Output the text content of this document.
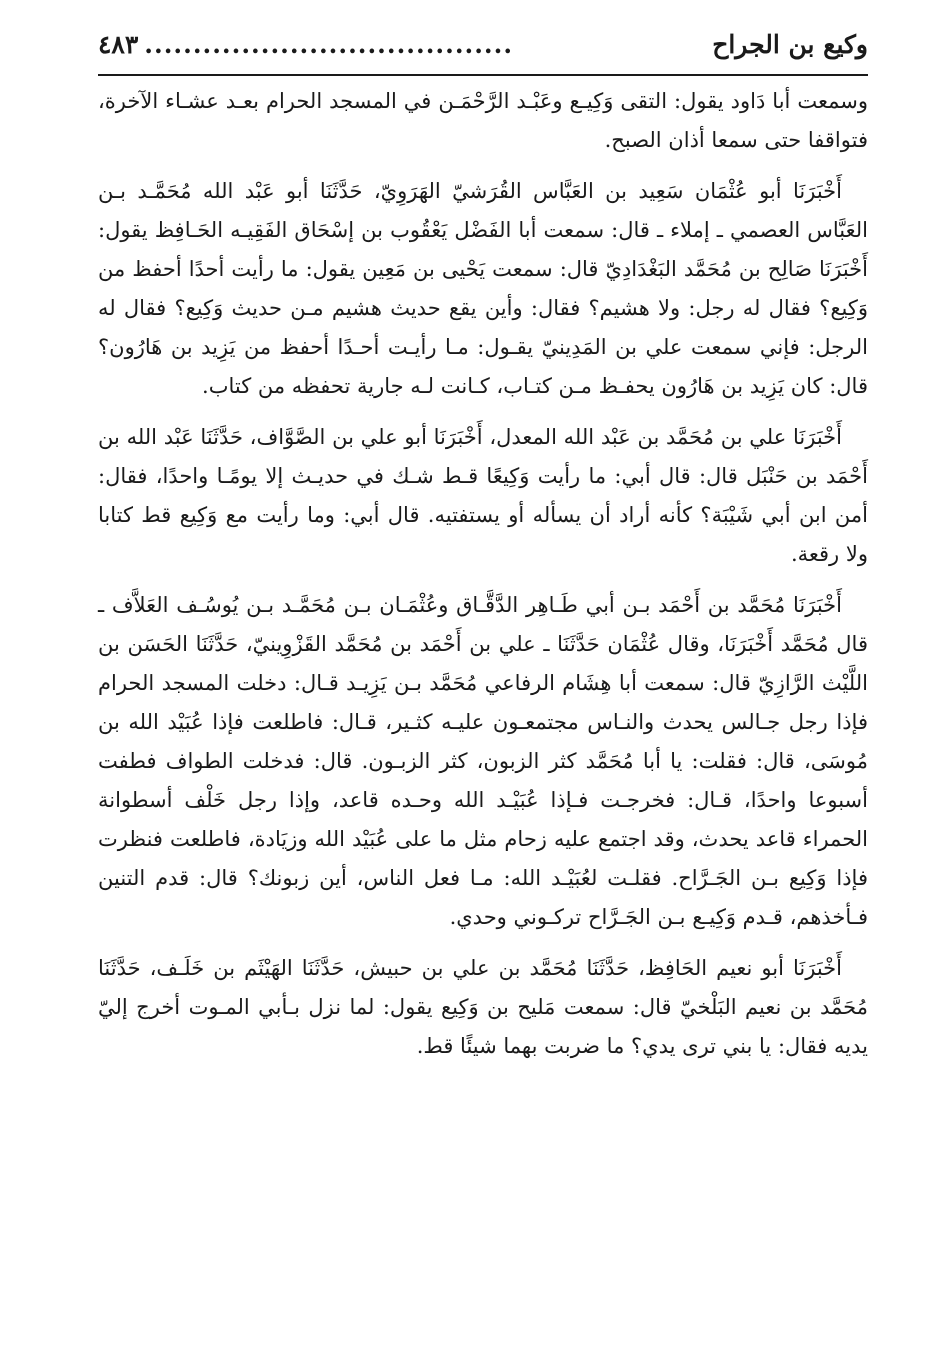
وكيع بن الجراح
......................................
٤٨٣

وسمعت أبا دَاود يقول: التقى وَكِيـع وعَبْـد الرَّحْمَـن في المسجد الحرام بعـد عشـاء الآخرة، فتواقفا حتى سمعا أذان الصبح.

أَخْبَرَنَا أبو عُثْمَان سَعِيد بن العَبَّاس القُرَشيّ الهَرَوِيّ، حَدَّثَنَا أبو عَبْد الله مُحَمَّـد بـن العَبَّاس العصمي ـ إملاء ـ قال: سمعت أبا الفَضْل يَعْقُوب بن إسْحَاق الفَقِيـه الحَـافِظ يقول: أَخْبَرَنَا صَالِح بن مُحَمَّد البَغْدَادِيّ قال: سمعت يَحْيى بن مَعِين يقول: ما رأيت أحدًا أحفظ من وَكِيع؟ فقال له رجل: ولا هشيم؟ فقال: وأين يقع حديث هشيم مـن حديث وَكِيع؟ فقال له الرجل: فإني سمعت علي بن المَدِينيّ يقـول: مـا رأيـت أحـدًا أحفظ من يَزِيد بن هَارُون؟ قال: كان يَزِيد بن هَارُون يحفـظ مـن كتـاب، كـانت لـه جارية تحفظه من كتاب.

أَخْبَرَنَا علي بن مُحَمَّد بن عَبْد الله المعدل، أَخْبَرَنَا أبو علي بن الصَّوَّاف، حَدَّثَنَا عَبْد الله بن أَحْمَد بن حَنْبَل قال: قال أبي: ما رأيت وَكِيعًا قـط شـك في حديـث إلا يومًـا واحدًا، فقال: أمن ابن أبي شَيْبَة؟ كأنه أراد أن يسأله أو يستفتيه. قال أبي: وما رأيت مع وَكِيع قط كتابا ولا رقعة.

أَخْبَرَنَا مُحَمَّد بن أَحْمَد بـن أبي طَـاهِر الدَّقَّـاق وعُثْمَـان بـن مُحَمَّـد بـن يُوسُـف العَلاَّف ـ قال مُحَمَّد أَخْبَرَنَا، وقال عُثْمَان حَدَّثَنَا ـ علي بن أَحْمَد بن مُحَمَّد القَزْوِينيّ، حَدَّثَنَا الحَسَن بن اللَّيْث الرَّازِيّ قال: سمعت أبا هِشَام الرفاعي مُحَمَّد بـن يَزِيـد قـال: دخلت المسجد الحرام فإذا رجل جـالس يحدث والنـاس مجتمعـون عليـه كثـير، قـال: فاطلعت فإذا عُبَيْد الله بن مُوسَى، قال: فقلت: يا أبا مُحَمَّد كثر الزبون، كثر الزبـون. قال: فدخلت الطواف فطفت أسبوعا واحدًا، قـال: فخرجـت فـإذا عُبَيْـد الله وحـده قاعد، وإذا رجل خَلْف أسطوانة الحمراء قاعد يحدث، وقد اجتمع عليه زحام مثل ما على عُبَيْد الله وزيَادة، فاطلعت فنظرت فإذا وَكِيع بـن الجَـرَّاح. فقلـت لعُبَيْـد الله: مـا فعل الناس، أين زبونك؟ قال: قدم التنين فـأخذهم، قـدم وَكِيـع بـن الجَـرَّاح تركـوني وحدي.

أَخْبَرَنَا أبو نعيم الحَافِظ، حَدَّثَنَا مُحَمَّد بن علي بن حبيش، حَدَّثَنَا الهَيْثَم بن خَلَـف، حَدَّثَنَا مُحَمَّد بن نعيم البَلْخيّ قال: سمعت مَليح بن وَكِيع يقول: لما نزل بـأبي المـوت أخرج إليّ يديه فقال: يا بني ترى يدي؟ ما ضربت بهما شيئًا قط.
